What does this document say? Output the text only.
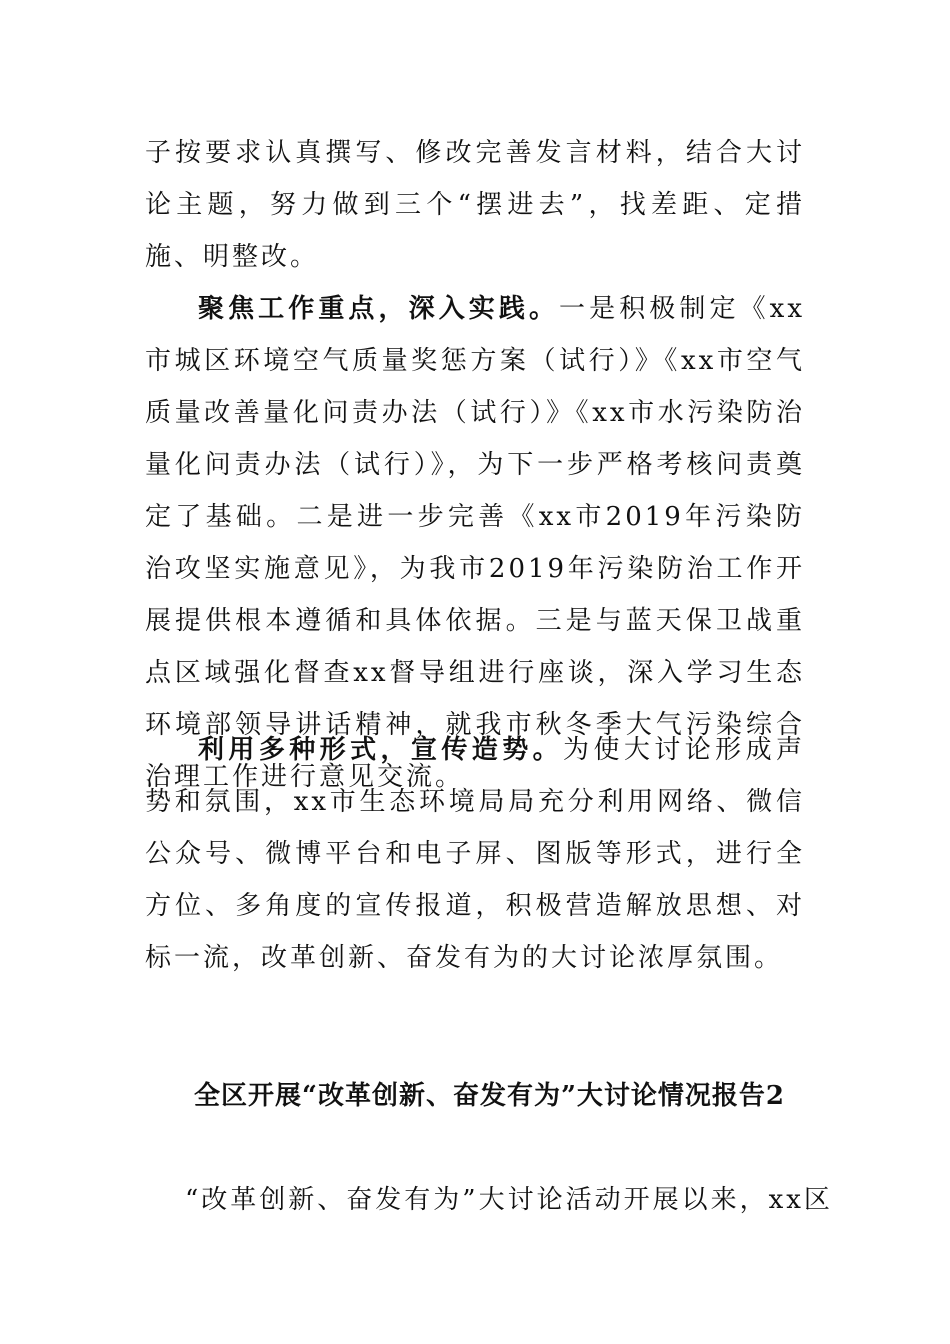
子按要求认真撰写、修改完善发言材料，结合大讨论主题，努力做到三个“摆进去”，找差距、定措施、明整改。
聚焦工作重点，深入实践。一是积极制定《xx市城区环境空气质量奖惩方案（试行）》《xx市空气质量改善量化问责办法（试行）》《xx市水污染防治量化问责办法（试行）》，为下一步严格考核问责奠定了基础。二是进一步完善《xx市2019年污染防治攻坚实施意见》，为我市2019年污染防治工作开展提供根本遵循和具体依据。三是与蓝天保卫战重点区域强化督查xx督导组进行座谈，深入学习生态环境部领导讲话精神，就我市秋冬季大气污染综合治理工作进行意见交流。
利用多种形式，宣传造势。为使大讨论形成声势和氛围，xx市生态环境局局充分利用网络、微信公众号、微博平台和电子屏、图版等形式，进行全方位、多角度的宣传报道，积极营造解放思想、对标一流，改革创新、奋发有为的大讨论浓厚氛围。
全区开展“改革创新、奋发有为”大讨论情况报告2
“改革创新、奋发有为”大讨论活动开展以来，xx区
